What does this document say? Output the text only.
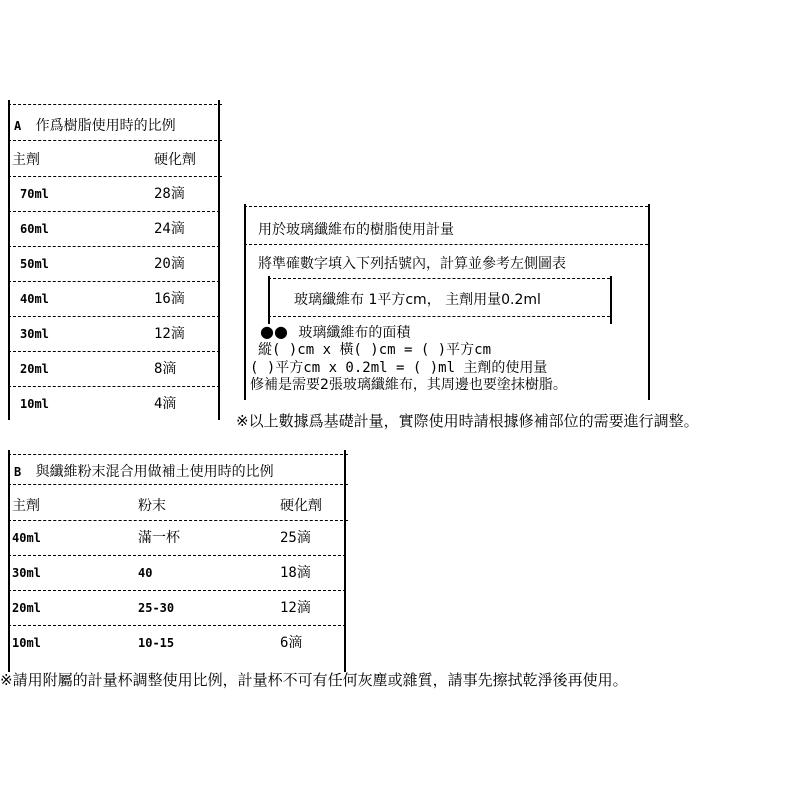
A 作爲樹脂使用時的比例
主劑	硬化劑
70ml	28滴
60ml	24滴
50ml	20滴
40ml	16滴
30ml	12滴
20ml	8滴
10ml	4滴
用於玻璃纖維布的樹脂使用計量
將準確數字填入下列括號內，計算並參考左側圖表
玻璃纖維布 1平方cm， 主劑用量0.2ml
●● 玻璃纖維布的面積
縱( )cm x 橫( )cm = ( )平方cm
( )平方cm x 0.2ml = ( )ml 主劑的使用量
修補是需要2張玻璃纖維布，其周邊也要塗抹樹脂。
※以上數據爲基礎計量，實際使用時請根據修補部位的需要進行調整。
B 與纖維粉末混合用做補土使用時的比例
主劑	粉末	硬化劑
40ml	滿一杯	25滴
30ml	40	18滴
20ml	25-30	12滴
10ml	10-15	6滴
※請用附屬的計量杯調整使用比例，計量杯不可有任何灰塵或雜質，請事先擦拭乾淨後再使用。
